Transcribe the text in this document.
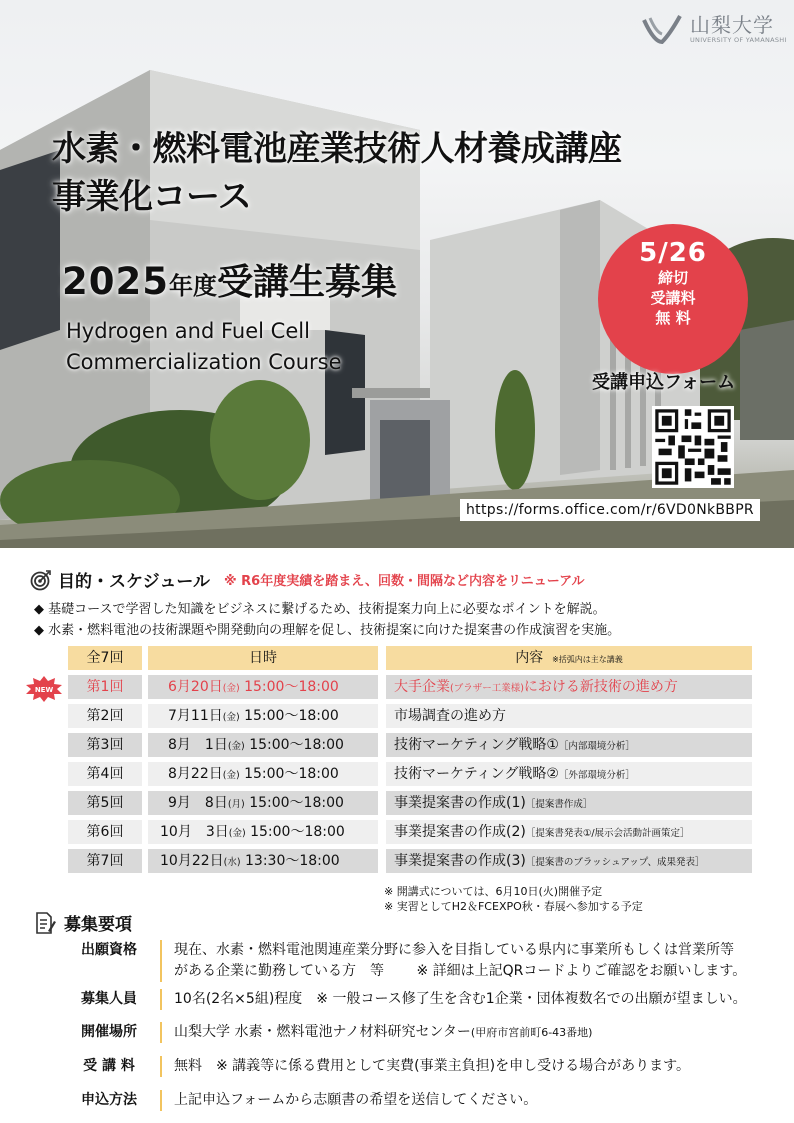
山梨大学
UNIVERSITY OF YAMANASHI
水素・燃料電池産業技術人材養成講座
事業化コース
2025年度受講生募集
Hydrogen and Fuel Cell
Commercialization Course
5/26
締切
受講料
無 料
受講申込フォーム
https://forms.office.com/r/6VD0NkBBPR
目的・スケジュール ※ R6年度実績を踏まえ、回数・間隔など内容をリニューアル
◆ 基礎コースで学習した知識をビジネスに繋げるため、技術提案力向上に必要なポイントを解説。
◆ 水素・燃料電池の技術課題や開発動向の理解を促し、技術提案に向けた提案書の作成演習を実施。
NEW
全7回	日時	内容 ※括弧内は主な講義
第1回	6月20日(金) 15:00～18:00	大手企業(ブラザー工業様)における新技術の進め方
第2回	7月11日(金) 15:00～18:00	市場調査の進め方
第3回	8月　1日(金) 15:00～18:00	技術マーケティング戦略①［内部環境分析］
第4回	8月22日(金) 15:00～18:00	技術マーケティング戦略②［外部環境分析］
第5回	9月　8日(月) 15:00～18:00	事業提案書の作成(1)［提案書作成］
第6回	10月　3日(金) 15:00～18:00	事業提案書の作成(2)［提案書発表①/展示会活動計画策定］
第7回	10月22日(水) 13:30～18:00	事業提案書の作成(3)［提案書のブラッシュアップ、成果発表］
※ 開講式については、6月10日(火)開催予定
※ 実習としてH2＆FCEXPO秋・春展へ参加する予定
募集要項
出願資格	現在、水素・燃料電池関連産業分野に参入を目指している県内に事業所もしくは営業所等
がある企業に勤務している方　等　　 ※ 詳細は上記QRコードよりご確認をお願いします。
募集人員	10名(2名×5組)程度　※ 一般コース修了生を含む1企業・団体複数名での出願が望ましい。
開催場所	山梨大学 水素・燃料電池ナノ材料研究センター(甲府市宮前町6-43番地)
受 講 料	無料　※ 講義等に係る費用として実費(事業主負担)を申し受ける場合があります。
申込方法	上記申込フォームから志願書の希望を送信してください。
